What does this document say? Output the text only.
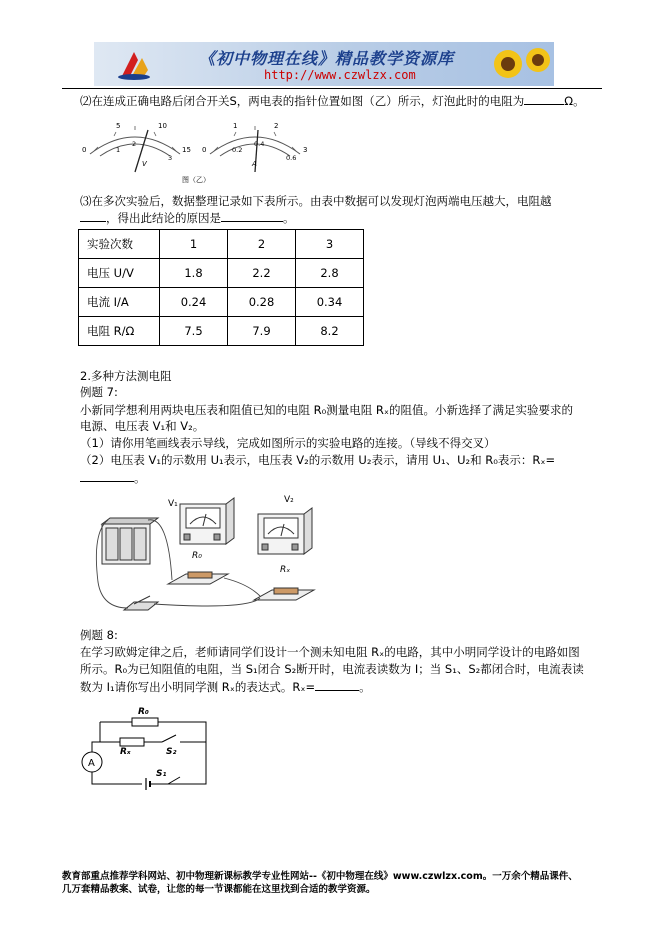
《初中物理在线》精品教学资源库
http://www.czwlzx.com
⑵在连成正确电路后闭合开关S，两电表的指针位置如图（乙）所示，灯泡此时的电阻为	Ω。
0
5	10
15
1
2
3
V
0
1	2
3
0.2
0.4
0.6
A
图（乙）
⑶在多次实验后，数据整理记录如下表所示。由表中数据可以发现灯泡两端电压越大，电阻越
，得出此结论的原因是	。
实验次数	1	2	3
电压 U/V	1.8	2.2	2.8
电流 I/A	0.24	0.28	0.34
电阻 R/Ω	7.5	7.9	8.2
2.多种方法测电阻
例题 7:
小新同学想利用两块电压表和阻值已知的电阻 R₀测量电阻 Rₓ的阻值。小新选择了满足实验要求的
电源、电压表 V₁和 V₂。
（1）请你用笔画线表示导线，完成如图所示的实验电路的连接。（导线不得交叉）
（2）电压表 V₁的示数用 U₁表示，电压表 V₂的示数用 U₂表示，请用 U₁、U₂和 R₀表示：Rₓ=
。
V₁	V₂
R₀
Rₓ
例题 8:
在学习欧姆定律之后，老师请同学们设计一个测未知电阻 Rₓ的电路，其中小明同学设计的电路如图
所示。R₀为已知阻值的电阻，当 S₁闭合 S₂断开时，电流表读数为 I；当 S₁、S₂都闭合时，电流表读
数为 I₁请你写出小明同学测 Rₓ的表达式。Rₓ=	。
A
R₀
Rₓ	S₂
S₁
教育部重点推荐学科网站、初中物理新课标教学专业性网站--《初中物理在线》www.czwlzx.com。一万余个精品课件、
几万套精品教案、试卷，让您的每一节课都能在这里找到合适的教学资源。
